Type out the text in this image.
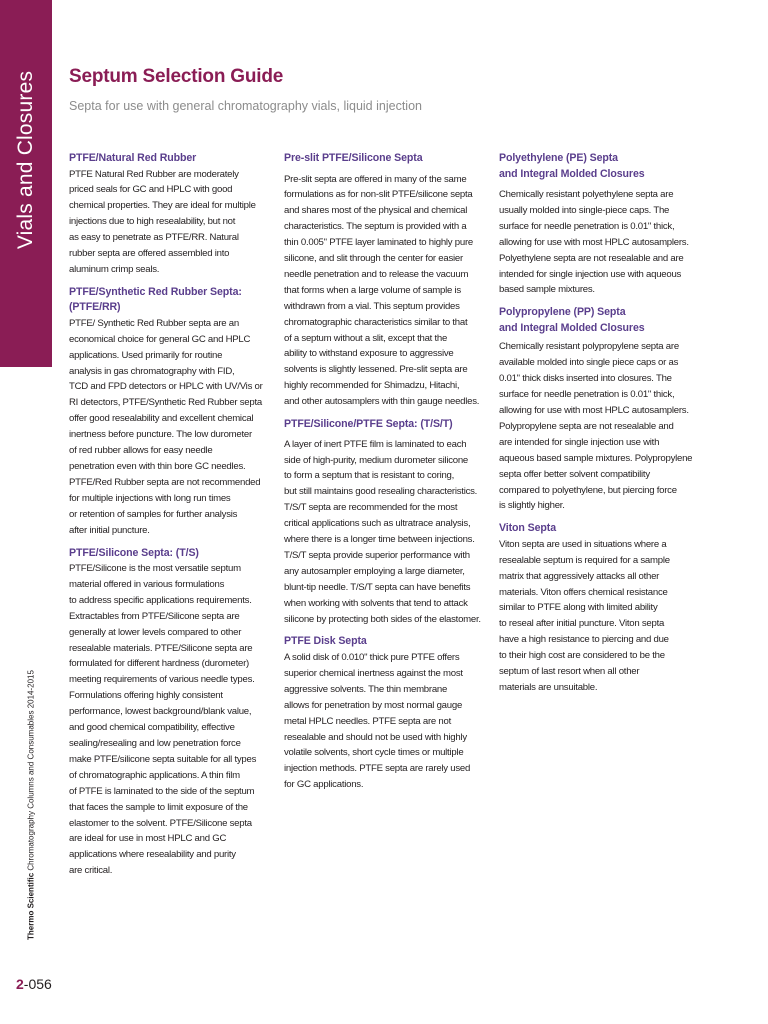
Vials and Closures
Thermo Scientific Chromatography Columns and Consumables 2014-2015
2-056
Septum Selection Guide
Septa for use with general chromatography vials, liquid injection
PTFE/Natural Red Rubber

PTFE Natural Red Rubber are moderately
priced seals for GC and HPLC with good
chemical properties. They are ideal for multiple
injections due to high resealability, but not
as easy to penetrate as PTFE/RR. Natural
rubber septa are offered assembled into
aluminum crimp seals.

PTFE/Synthetic Red Rubber Septa:
(PTFE/RR)

PTFE/ Synthetic Red Rubber septa are an
economical choice for general GC and HPLC
applications. Used primarily for routine
analysis in gas chromatography with FID,
TCD and FPD detectors or HPLC with UV/Vis or
RI detectors, PTFE/Synthetic Red Rubber septa
offer good resealability and excellent chemical
inertness before puncture. The low durometer
of red rubber allows for easy needle
penetration even with thin bore GC needles.
PTFE/Red Rubber septa are not recommended
for multiple injections with long run times
or retention of samples for further analysis
after initial puncture.

PTFE/Silicone Septa: (T/S)

PTFE/Silicone is the most versatile septum
material offered in various formulations
to address specific applications requirements.
Extractables from PTFE/Silicone septa are
generally at lower levels compared to other
resealable materials. PTFE/Silicone septa are
formulated for different hardness (durometer)
meeting requirements of various needle types.
Formulations offering highly consistent
performance, lowest background/blank value,
and good chemical compatibility, effective
sealing/resealing and low penetration force
make PTFE/silicone septa suitable for all types
of chromatographic applications. A thin film
of PTFE is laminated to the side of the septum
that faces the sample to limit exposure of the
elastomer to the solvent. PTFE/Silicone septa
are ideal for use in most HPLC and GC
applications where resealability and purity
are critical.

Pre-slit PTFE/Silicone Septa

Pre-slit septa are offered in many of the same
formulations as for non-slit PTFE/silicone septa
and shares most of the physical and chemical
characteristics. The septum is provided with a
thin 0.005" PTFE layer laminated to highly pure
silicone, and slit through the center for easier
needle penetration and to release the vacuum
that forms when a large volume of sample is
withdrawn from a vial. This septum provides
chromatographic characteristics similar to that
of a septum without a slit, except that the
ability to withstand exposure to aggressive
solvents is slightly lessened. Pre-slit septa are
highly recommended for Shimadzu, Hitachi,
and other autosamplers with thin gauge needles.

PTFE/Silicone/PTFE Septa: (T/S/T)

A layer of inert PTFE film is laminated to each
side of high-purity, medium durometer silicone
to form a septum that is resistant to coring,
but still maintains good resealing characteristics.
T/S/T septa are recommended for the most
critical applications such as ultratrace analysis,
where there is a longer time between injections.
T/S/T septa provide superior performance with
any autosampler employing a large diameter,
blunt-tip needle. T/S/T septa can have benefits
when working with solvents that tend to attack
silicone by protecting both sides of the elastomer.

PTFE Disk Septa

A solid disk of 0.010" thick pure PTFE offers
superior chemical inertness against the most
aggressive solvents. The thin membrane
allows for penetration by most normal gauge
metal HPLC needles. PTFE septa are not
resealable and should not be used with highly
volatile solvents, short cycle times or multiple
injection methods. PTFE septa are rarely used
for GC applications.

Polyethylene (PE) Septa
and Integral Molded Closures

Chemically resistant polyethylene septa are
usually molded into single-piece caps. The
surface for needle penetration is 0.01" thick,
allowing for use with most HPLC autosamplers.
Polyethylene septa are not resealable and are
intended for single injection use with aqueous
based sample mixtures.

Polypropylene (PP) Septa
and Integral Molded Closures

Chemically resistant polypropylene septa are
available molded into single piece caps or as
0.01" thick disks inserted into closures. The
surface for needle penetration is 0.01" thick,
allowing for use with most HPLC autosamplers.
Polypropylene septa are not resealable and
are intended for single injection use with
aqueous based sample mixtures. Polypropylene
septa offer better solvent compatibility
compared to polyethylene, but piercing force
is slightly higher.

Viton Septa

Viton septa are used in situations where a
resealable septum is required for a sample
matrix that aggressively attacks all other
materials. Viton offers chemical resistance
similar to PTFE along with limited ability
to reseal after initial puncture. Viton septa
have a high resistance to piercing and due
to their high cost are considered to be the
septum of last resort when all other
materials are unsuitable.
